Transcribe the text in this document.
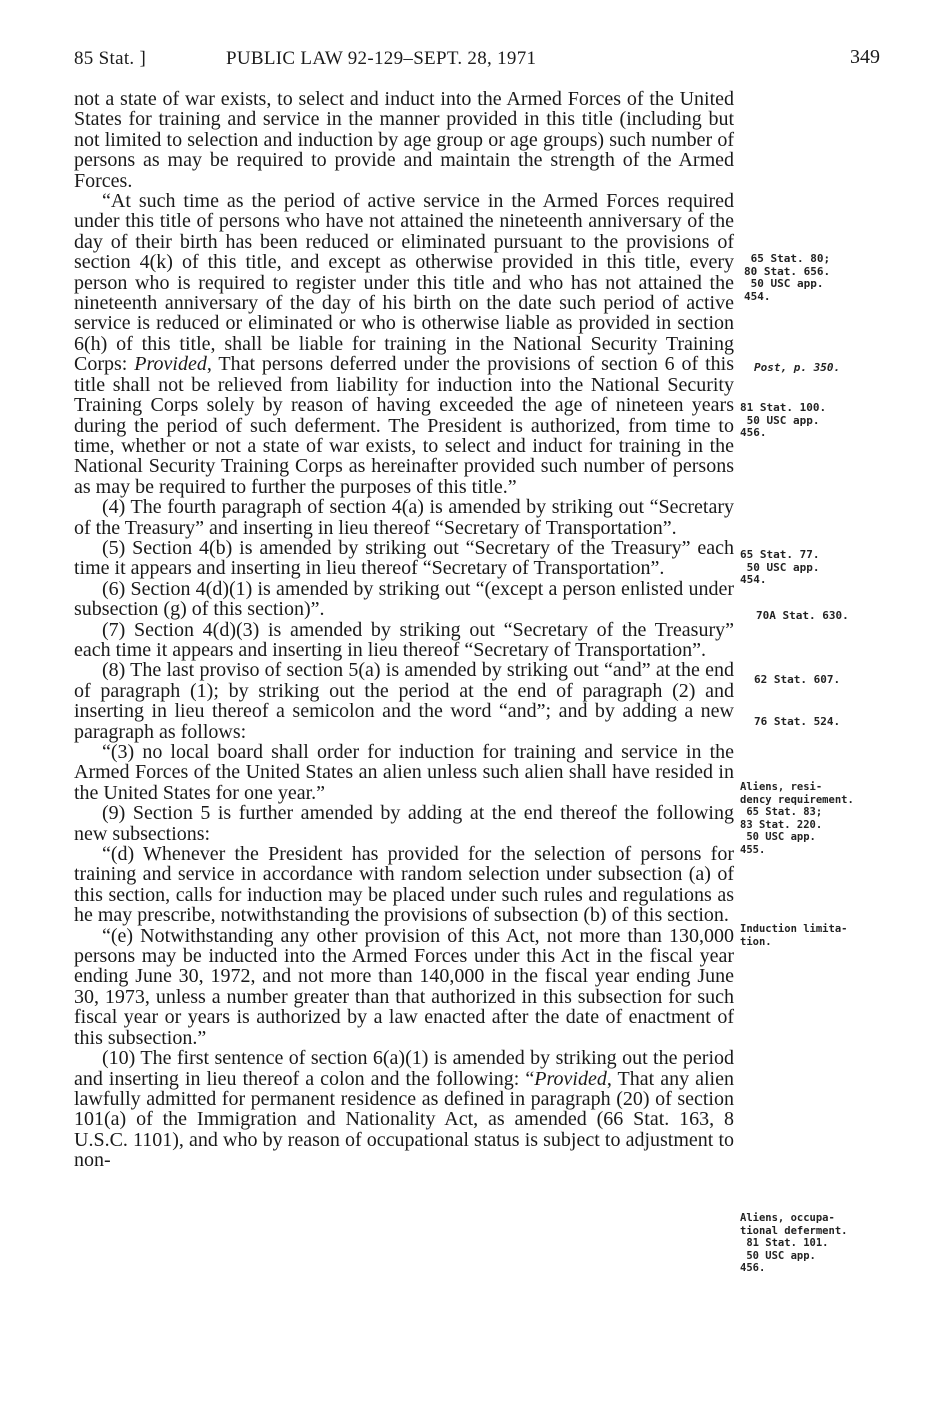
85 Stat. ]	PUBLIC LAW 92-129–SEPT. 28, 1971	349

not a state of war exists, to select and induct into the Armed Forces of the United States for training and service in the manner provided in this title (including but not limited to selection and induction by age group or age groups) such number of persons as may be required to provide and maintain the strength of the Armed Forces.

“At such time as the period of active service in the Armed Forces required under this title of persons who have not attained the nineteenth anniversary of the day of their birth has been reduced or eliminated pursuant to the provisions of section 4(k) of this title, and except as otherwise provided in this title, every person who is required to register under this title and who has not attained the nineteenth anniversary of the day of his birth on the date such period of active service is reduced or eliminated or who is otherwise liable as provided in section 6(h) of this title, shall be liable for training in the National Security Training Corps: Provided, That persons deferred under the provisions of section 6 of this title shall not be relieved from liability for induction into the National Security Training Corps solely by reason of having exceeded the age of nineteen years during the period of such deferment. The President is authorized, from time to time, whether or not a state of war exists, to select and induct for training in the National Security Training Corps as hereinafter provided such number of persons as may be required to further the purposes of this title.”

(4) The fourth paragraph of section 4(a) is amended by striking out “Secretary of the Treasury” and inserting in lieu thereof “Secretary of Transportation”.

(5) Section 4(b) is amended by striking out “Secretary of the Treasury” each time it appears and inserting in lieu thereof “Secretary of Transportation”.

(6) Section 4(d)(1) is amended by striking out “(except a person enlisted under subsection (g) of this section)”.

(7) Section 4(d)(3) is amended by striking out “Secretary of the Treasury” each time it appears and inserting in lieu thereof “Secretary of Transportation”.

(8) The last proviso of section 5(a) is amended by striking out “and” at the end of paragraph (1); by striking out the period at the end of paragraph (2) and inserting in lieu thereof a semicolon and the word “and”; and by adding a new paragraph as follows:

“(3) no local board shall order for induction for training and service in the Armed Forces of the United States an alien unless such alien shall have resided in the United States for one year.”

(9) Section 5 is further amended by adding at the end thereof the following new subsections:

“(d) Whenever the President has provided for the selection of persons for training and service in accordance with random selection under subsection (a) of this section, calls for induction may be placed under such rules and regulations as he may prescribe, notwithstanding the provisions of subsection (b) of this section.

“(e) Notwithstanding any other provision of this Act, not more than 130,000 persons may be inducted into the Armed Forces under this Act in the fiscal year ending June 30, 1972, and not more than 140,000 in the fiscal year ending June 30, 1973, unless a number greater than that authorized in this subsection for such fiscal year or years is authorized by a law enacted after the date of enactment of this subsection.”

(10) The first sentence of section 6(a)(1) is amended by striking out the period and inserting in lieu thereof a colon and the following: “Provided, That any alien lawfully admitted for permanent residence as defined in paragraph (20) of section 101(a) of the Immigration and Nationality Act, as amended (66 Stat. 163, 8 U.S.C. 1101), and who by reason of occupational status is subject to adjustment to non-

65 Stat. 80;
80 Stat. 656.
50 USC app.
454.
Post, p. 350.
81 Stat. 100.
50 USC app.
456.
65 Stat. 77.
50 USC app.
454.
70A Stat. 630.
62 Stat. 607.
76 Stat. 524.
Aliens, resi-
dency requirement.
65 Stat. 83;
83 Stat. 220.
50 USC app.
455.
Induction limita-
tion.
Aliens, occupa-
tional deferment.
81 Stat. 101.
50 USC app.
456.
